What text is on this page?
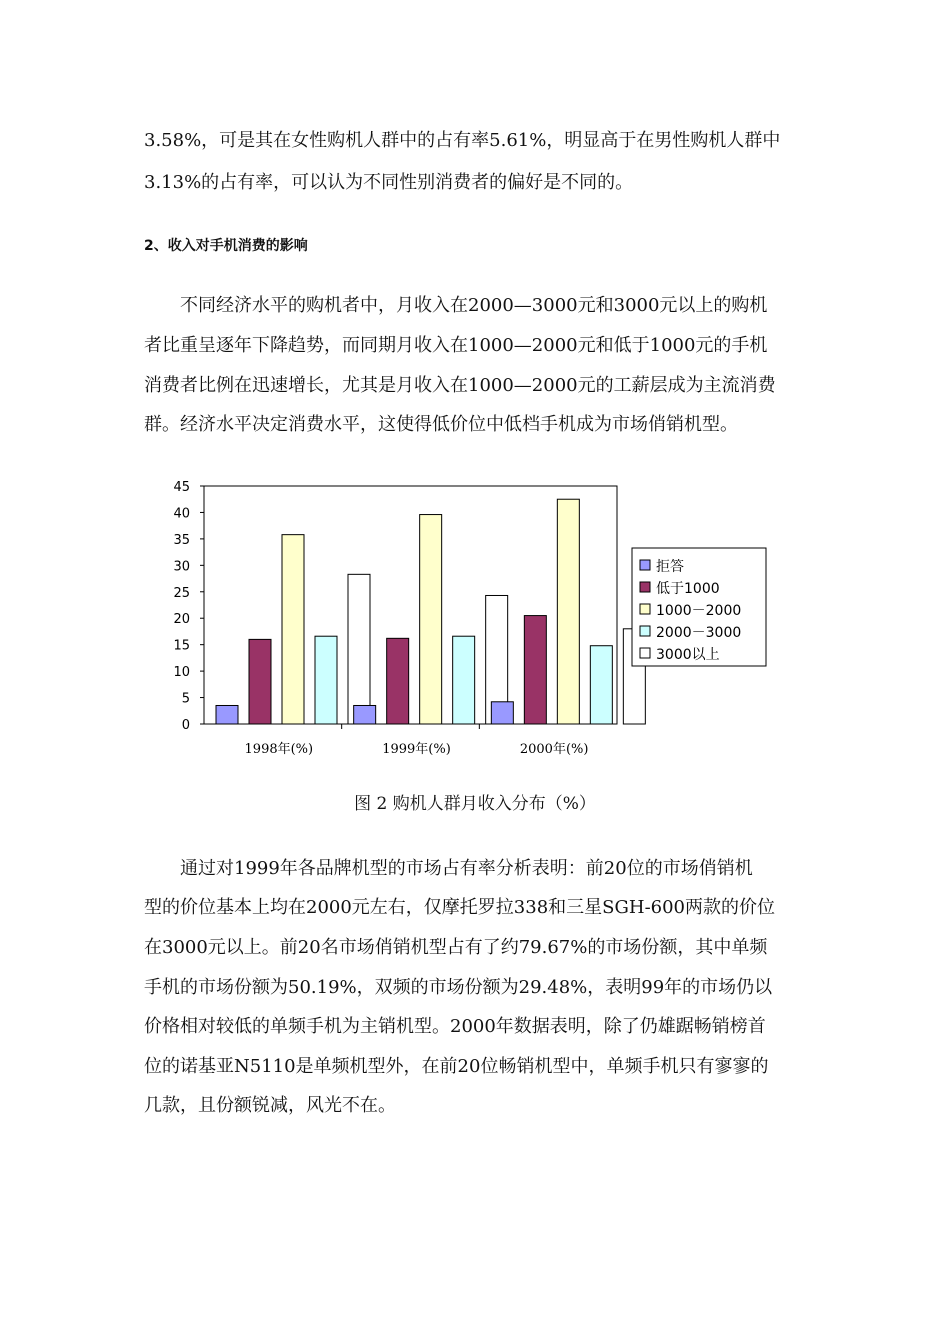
3.58%，可是其在女性购机人群中的占有率5.61%，明显高于在男性购机人群中

3.13%的占有率，可以认为不同性别消费者的偏好是不同的。

2、收入对手机消费的影响

不同经济水平的购机者中，月收入在2000—3000元和3000元以上的购机

者比重呈逐年下降趋势，而同期月收入在1000—2000元和低于1000元的手机

消费者比例在迅速增长，尤其是月收入在1000—2000元的工薪层成为主流消费

群。经济水平决定消费水平，这使得低价位中低档手机成为市场俏销机型。

0
5
10
15
20
25
30
35
40
45
1998年(%)	1999年(%)	2000年(%)
拒答
低于1000
1000－2000
2000－3000
3000以上

图 2 购机人群月收入分布（%）

通过对1999年各品牌机型的市场占有率分析表明：前20位的市场俏销机

型的价位基本上均在2000元左右，仅摩托罗拉338和三星SGH-600两款的价位

在3000元以上。前20名市场俏销机型占有了约79.67%的市场份额，其中单频

手机的市场份额为50.19%，双频的市场份额为29.48%，表明99年的市场仍以

价格相对较低的单频手机为主销机型。2000年数据表明，除了仍雄踞畅销榜首

位的诺基亚N5110是单频机型外，在前20位畅销机型中，单频手机只有寥寥的

几款，且份额锐减，风光不在。
